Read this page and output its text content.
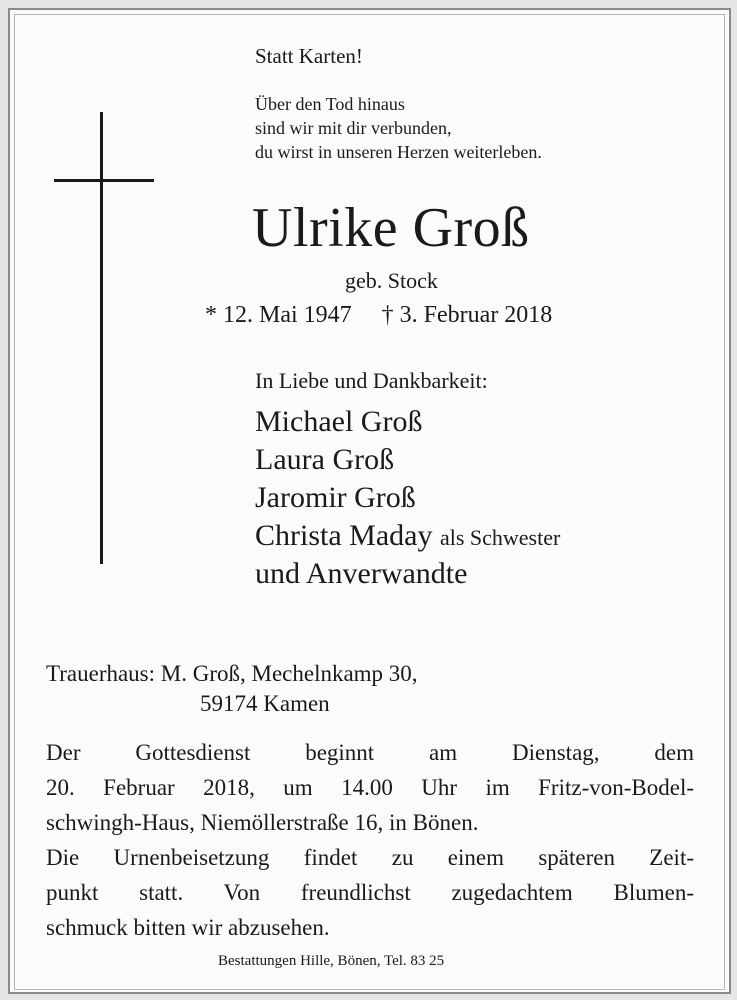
Statt Karten!
Über den Tod hinaus
sind wir mit dir verbunden,
du wirst in unseren Herzen weiterleben.
Ulrike Groß
geb. Stock
* 12. Mai 1947 † 3. Februar 2018
In Liebe und Dankbarkeit:
Michael Groß
Laura Groß
Jaromir Groß
Christa Maday als Schwester
und Anverwandte
Trauerhaus: M. Groß, Mechelnkamp 30,
59174 Kamen
Der Gottesdienst beginnt am Dienstag, dem
20. Februar 2018, um 14.00 Uhr im Fritz-von-Bodel-
schwingh-Haus, Niemöllerstraße 16, in Bönen.
Die Urnenbeisetzung findet zu einem späteren Zeit-
punkt statt. Von freundlichst zugedachtem Blumen-
schmuck bitten wir abzusehen.
Bestattungen Hille, Bönen, Tel. 83 25
